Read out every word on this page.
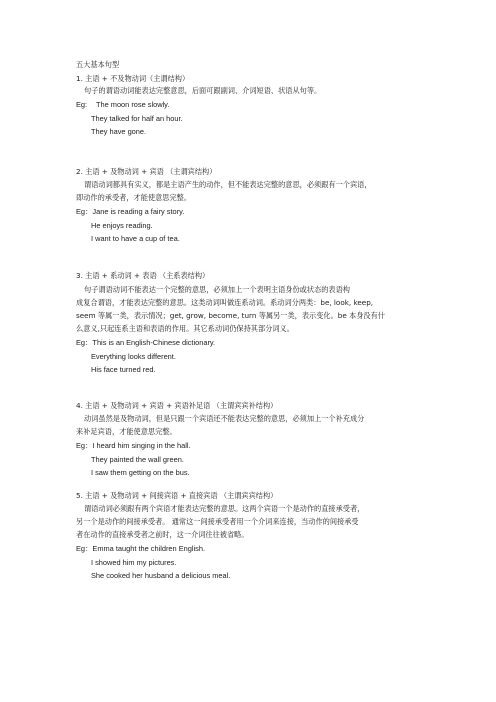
五大基本句型
1. 主语 + 不及物动词（主谓结构）
句子的谓语动词能表达完整意思，后面可跟副词、介词短语、状语从句等。
Eg: The moon rose slowly.
They talked for half an hour.
They have gone.
2. 主语 + 及物动词 + 宾语 （主谓宾结构）
谓语动词都具有实义，都是主语产生的动作，但不能表达完整的意思，必须跟有一个宾语，
即动作的承受者，才能使意思完整。
Eg：Jane is reading a fairy story.
He enjoys reading.
I want to have a cup of tea.
3. 主语 + 系动词 + 表语 （主系表结构）
句子谓语动词不能表达一个完整的意思，必须加上一个表明主语身份或状态的表语构
成复合谓语，才能表达完整的意思。这类动词叫做连系动词。系动词分两类：be, look, keep,
seem 等属一类，表示情况；get, grow, become, turn 等属另一类，表示变化。be 本身没有什
么意义,只起连系主语和表语的作用。其它系动词仍保持其部分词义。
Eg：This is an English-Chinese dictionary.
Everything looks different.
His face turned red.
4. 主语 + 及物动词 + 宾语 + 宾语补足语 （主谓宾宾补结构）
动词虽然是及物动词，但是只跟一个宾语还不能表达完整的意思，必须加上一个补充成分
来补足宾语，才能使意思完整。
Eg：I heard him singing in the hall.
They painted the wall green.
I saw them getting on the bus.
5. 主语 + 及物动词 + 间接宾语 + 直接宾语 （主谓宾宾结构）
谓语动词必须跟有两个宾语才能表达完整的意思。这两个宾语一个是动作的直接承受者，
另一个是动作的间接承受者。 通常这一间接承受者用一个介词来连接，当动作的间接承受
者在动作的直接承受者之前时，这一介词往往被省略。
Eg：Emma taught the children English.
I showed him my pictures.
She cooked her husband a delicious meal.
